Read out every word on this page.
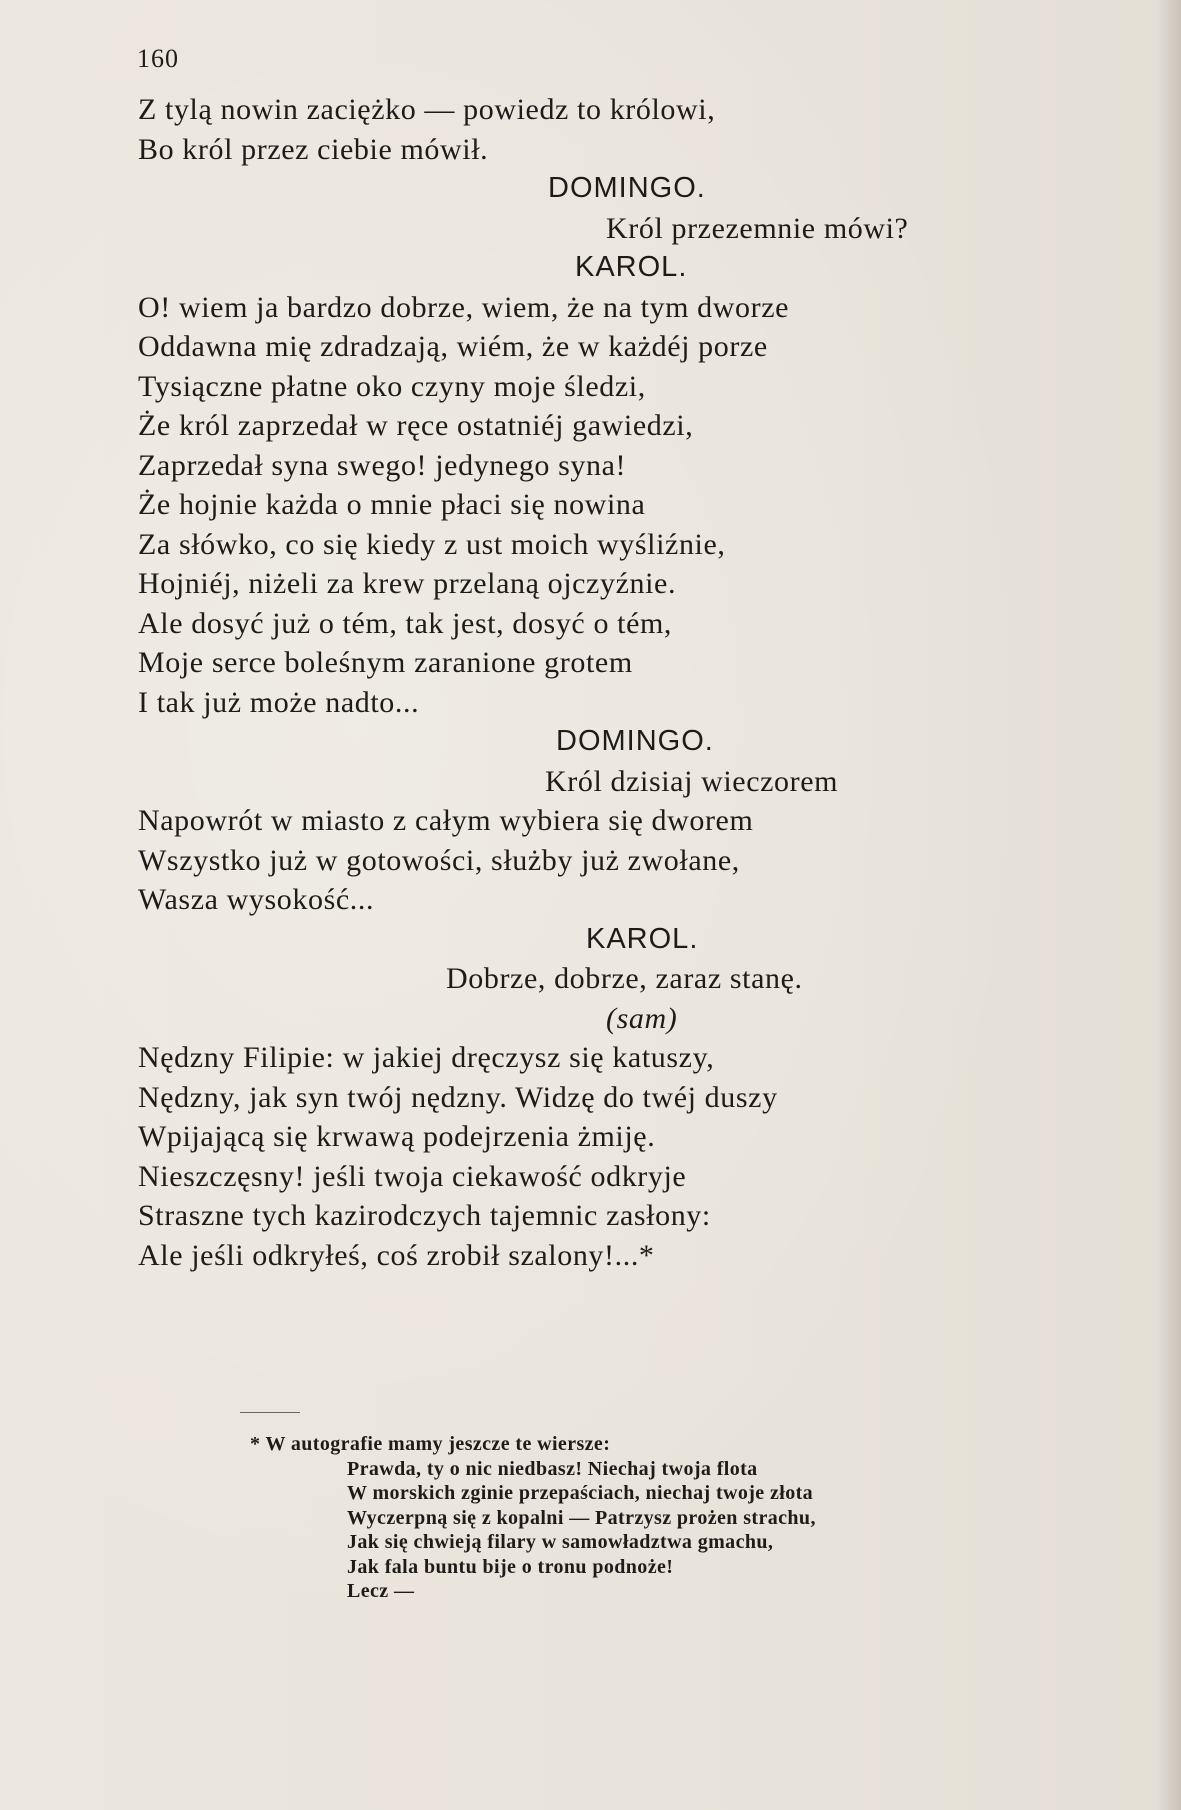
160
Z tylą nowin zaciężko — powiedz to królowi,
Bo król przez ciebie mówił.
DOMINGO.
Król przezemnie mówi?
KAROL.
O! wiem ja bardzo dobrze, wiem, że na tym dworze
Oddawna mię zdradzają, wiém, że w każdéj porze
Tysiączne płatne oko czyny moje śledzi,
Że król zaprzedał w ręce ostatniéj gawiedzi,
Zaprzedał syna swego! jedynego syna!
Że hojnie każda o mnie płaci się nowina
Za słówko, co się kiedy z ust moich wyśliźnie,
Hojniéj, niżeli za krew przelaną ojczyźnie.
Ale dosyć już o tém, tak jest, dosyć o tém,
Moje serce boleśnym zaranione grotem
I tak już może nadto...
DOMINGO.
Król dzisiaj wieczorem
Napowrót w miasto z całym wybiera się dworem
Wszystko już w gotowości, służby już zwołane,
Wasza wysokość...
KAROL.
Dobrze, dobrze, zaraz stanę.
(sam)
Nędzny Filipie: w jakiej dręczysz się katuszy,
Nędzny, jak syn twój nędzny. Widzę do twéj duszy
Wpijającą się krwawą podejrzenia żmiję.
Nieszczęsny! jeśli twoja ciekawość odkryje
Straszne tych kazirodczych tajemnic zasłony:
Ale jeśli odkryłeś, coś zrobił szalony!...*
* W autografie mamy jeszcze te wiersze:
Prawda, ty o nic niedbasz! Niechaj twoja flota
W morskich zginie przepaściach, niechaj twoje złota
Wyczerpną się z kopalni — Patrzysz prożen strachu,
Jak się chwieją filary w samowładztwa gmachu,
Jak fala buntu bije o tronu podnoże!
Lecz —
